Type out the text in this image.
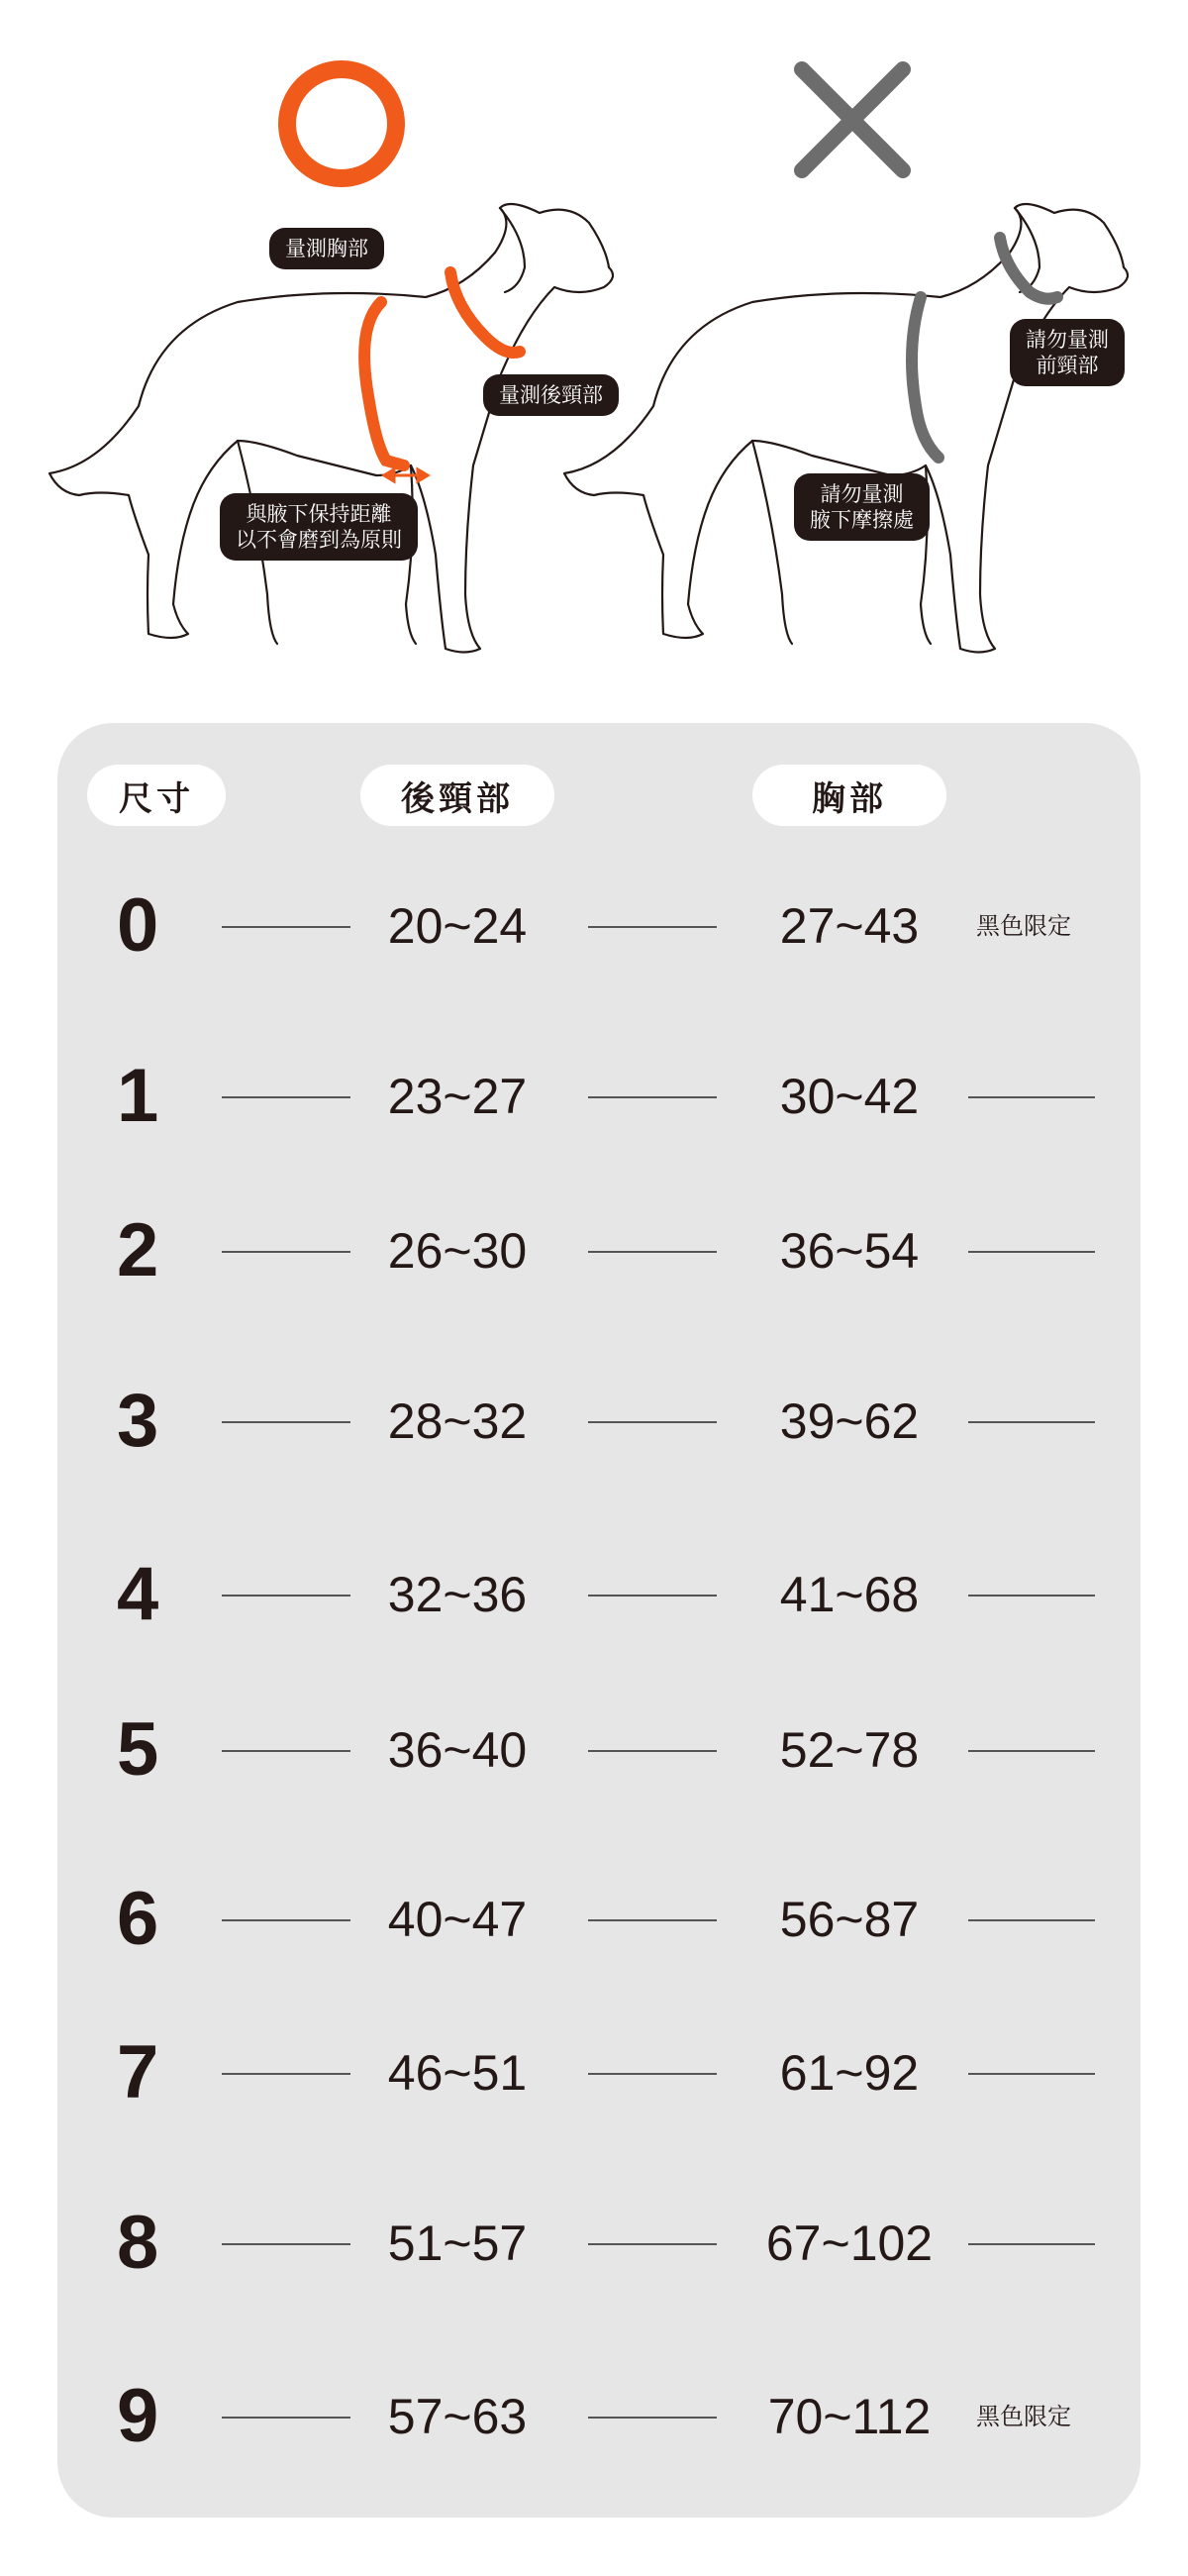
量測胸部
量測後頸部
與腋下保持距離
以不會磨到為原則
請勿量測
前頸部
請勿量測
腋下摩擦處
尺寸	後頸部	胸部
0	20~24	27~43	黑色限定
1	23~27	30~42
2	26~30	36~54
3	28~32	39~62
4	32~36	41~68
5	36~40	52~78
6	40~47	56~87
7	46~51	61~92
8	51~57	67~102
9	57~63	70~112	黑色限定
